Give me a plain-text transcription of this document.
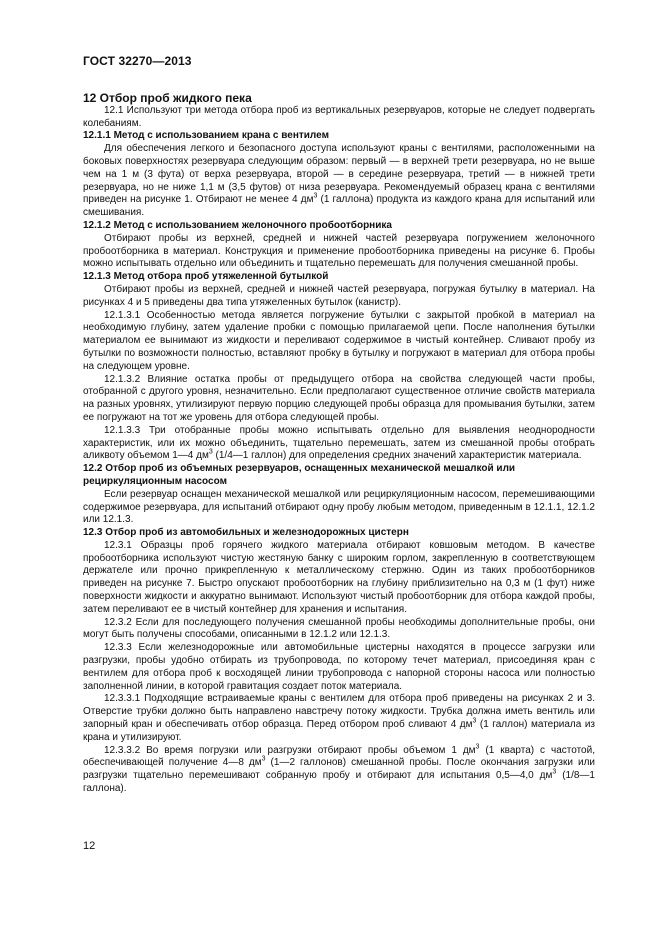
ГОСТ 32270—2013

12 Отбор проб жидкого пека

12.1 Используют три метода отбора проб из вертикальных резервуаров, которые не следует подвергать колебаниям.

12.1.1 Метод с использованием крана с вентилем

Для обеспечения легкого и безопасного доступа используют краны с вентилями, расположенными на боковых поверхностях резервуара следующим образом: первый — в верхней трети резервуара, но не выше чем на 1 м (3 фута) от верха резервуара, второй — в середине резервуара, третий — в нижней трети резервуара, но не ниже 1,1 м (3,5 футов) от низа резервуара. Рекомендуемый образец крана с вентилями приведен на рисунке 1. Отбирают не менее 4 $дм^3$ (1 галлона) продукта из каждого крана для испытаний или смешивания.

12.1.2 Метод с использованием желоночного пробоотборника

Отбирают пробы из верхней, средней и нижней частей резервуара погружением желоночного пробоотборника в материал. Конструкция и применение пробоотборника приведены на рисунке 6. Пробы можно испытывать отдельно или объединить и тщательно перемешать для получения смешанной пробы.

12.1.3 Метод отбора проб утяжеленной бутылкой

Отбирают пробы из верхней, средней и нижней частей резервуара, погружая бутылку в материал. На рисунках 4 и 5 приведены два типа утяжеленных бутылок (канистр).

12.1.3.1 Особенностью метода является погружение бутылки с закрытой пробкой в материал на необходимую глубину, затем удаление пробки с помощью прилагаемой цепи. После наполнения бутылки материалом ее вынимают из жидкости и переливают содержимое в чистый контейнер. Сливают пробу из бутылки по возможности полностью, вставляют пробку в бутылку и погружают в материал для отбора пробы на следующем уровне.

12.1.3.2 Влияние остатка пробы от предыдущего отбора на свойства следующей части пробы, отобранной с другого уровня, незначительно. Если предполагают существенное отличие свойств материала на разных уровнях, утилизируют первую порцию следующей пробы образца для промывания бутылки, затем ее погружают на тот же уровень для отбора следующей пробы.

12.1.3.3 Три отобранные пробы можно испытывать отдельно для выявления неоднородности характеристик, или их можно объединить, тщательно перемешать, затем из смешанной пробы отобрать аликвоту объемом 1—4 $дм^3$ (1/4—1 галлон) для определения средних значений характеристик материала.

12.2 Отбор проб из объемных резервуаров, оснащенных механической мешалкой или рециркуляционным насосом

Если резервуар оснащен механической мешалкой или рециркуляционным насосом, перемешивающими содержимое резервуара, для испытаний отбирают одну пробу любым методом, приведенным в 12.1.1, 12.1.2 или 12.1.3.

12.3 Отбор проб из автомобильных и железнодорожных цистерн

12.3.1 Образцы проб горячего жидкого материала отбирают ковшовым методом. В качестве пробоотборника используют чистую жестяную банку с широким горлом, закрепленную в соответствующем держателе или прочно прикрепленную к металлическому стержню. Один из таких пробоотборников приведен на рисунке 7. Быстро опускают пробоотборник на глубину приблизительно на 0,3 м (1 фут) ниже поверхности жидкости и аккуратно вынимают. Используют чистый пробоотборник для отбора каждой пробы, затем переливают ее в чистый контейнер для хранения и испытания.

12.3.2 Если для последующего получения смешанной пробы необходимы дополнительные пробы, они могут быть получены способами, описанными в 12.1.2 или 12.1.3.

12.3.3 Если железнодорожные или автомобильные цистерны находятся в процессе загрузки или разгрузки, пробы удобно отбирать из трубопровода, по которому течет материал, присоединяя кран с вентилем для отбора проб к восходящей линии трубопровода с напорной стороны насоса или полностью заполненной линии, в которой гравитация создает поток материала.

12.3.3.1 Подходящие встраиваемые краны с вентилем для отбора проб приведены на рисунках 2 и 3. Отверстие трубки должно быть направлено навстречу потоку жидкости. Трубка должна иметь вентиль или запорный кран и обеспечивать отбор образца. Перед отбором проб сливают 4 $дм^3$ (1 галлон) материала из крана и утилизируют.

12.3.3.2 Во время погрузки или разгрузки отбирают пробы объемом 1 $дм^3$ (1 кварта) с частотой, обеспечивающей получение 4—8 $дм^3$ (1—2 галлонов) смешанной пробы. После окончания загрузки или разгрузки тщательно перемешивают собранную пробу и отбирают для испытания 0,5—4,0 $дм^3$ (1/8—1 галлона).

12
